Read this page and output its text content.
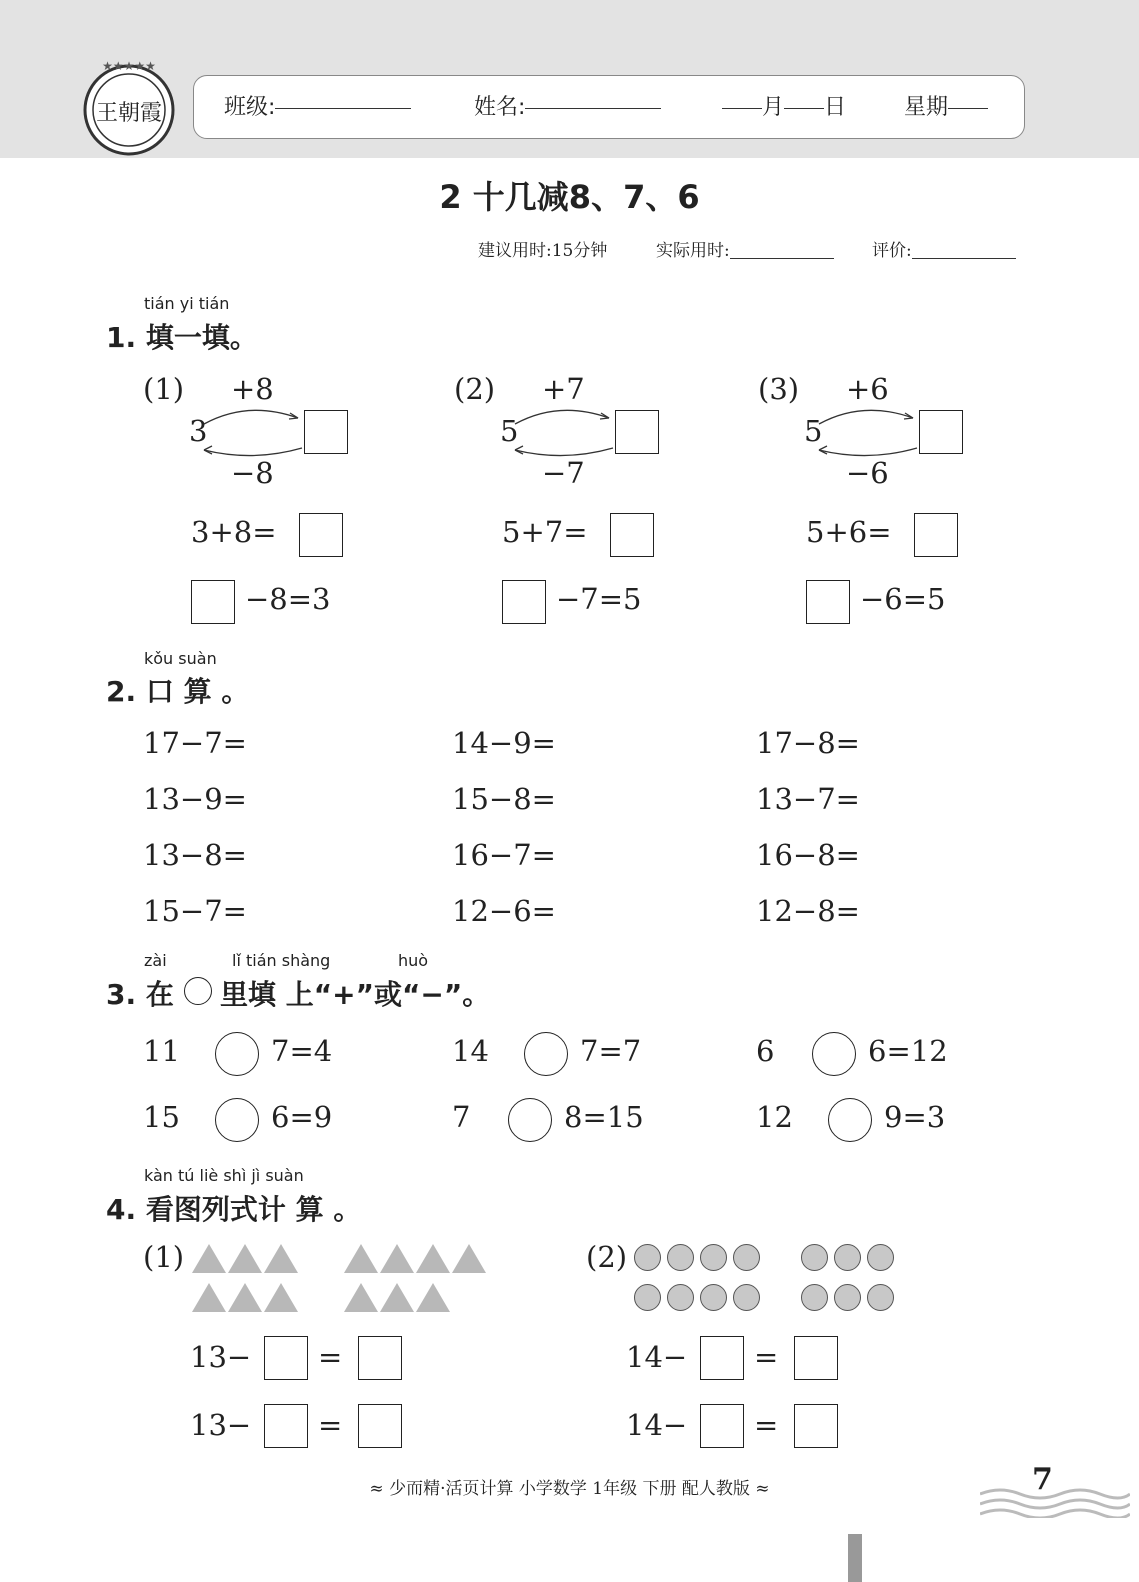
★★★★★
王朝霞	班级:	姓名:	月 日	星期
2 十几减8、7、6
建议用时:15分钟	实际用时:	评价:
tián yi tián
1. 填一填。
kǒu suàn
2. 口 算 。
zài	lǐ tián shàng	huò
3. 在 里填 上“+”或“−”。
kàn tú liè shì jì suàn
4. 看图列式计 算 。
(1)	(2)
≈ 少而精·活页计算 小学数学 1年级 下册 配人教版 ≈	7
(1) +8
3
−8
3+8=
−8=3
(2) +7
5
−7
5+7=
−7=5
(3) +6
5
−6
5+6=
−6=5
17−7=	14−9=	17−8=
13−9=	15−8=	13−7=
13−8=	16−7=	16−8=
15−7=	12−6=	12−8=
11	7=4	14	7=7	6	6=12
15	6=9	7	8=15	12	9=3
13− =
13− =
14− =
14− =
